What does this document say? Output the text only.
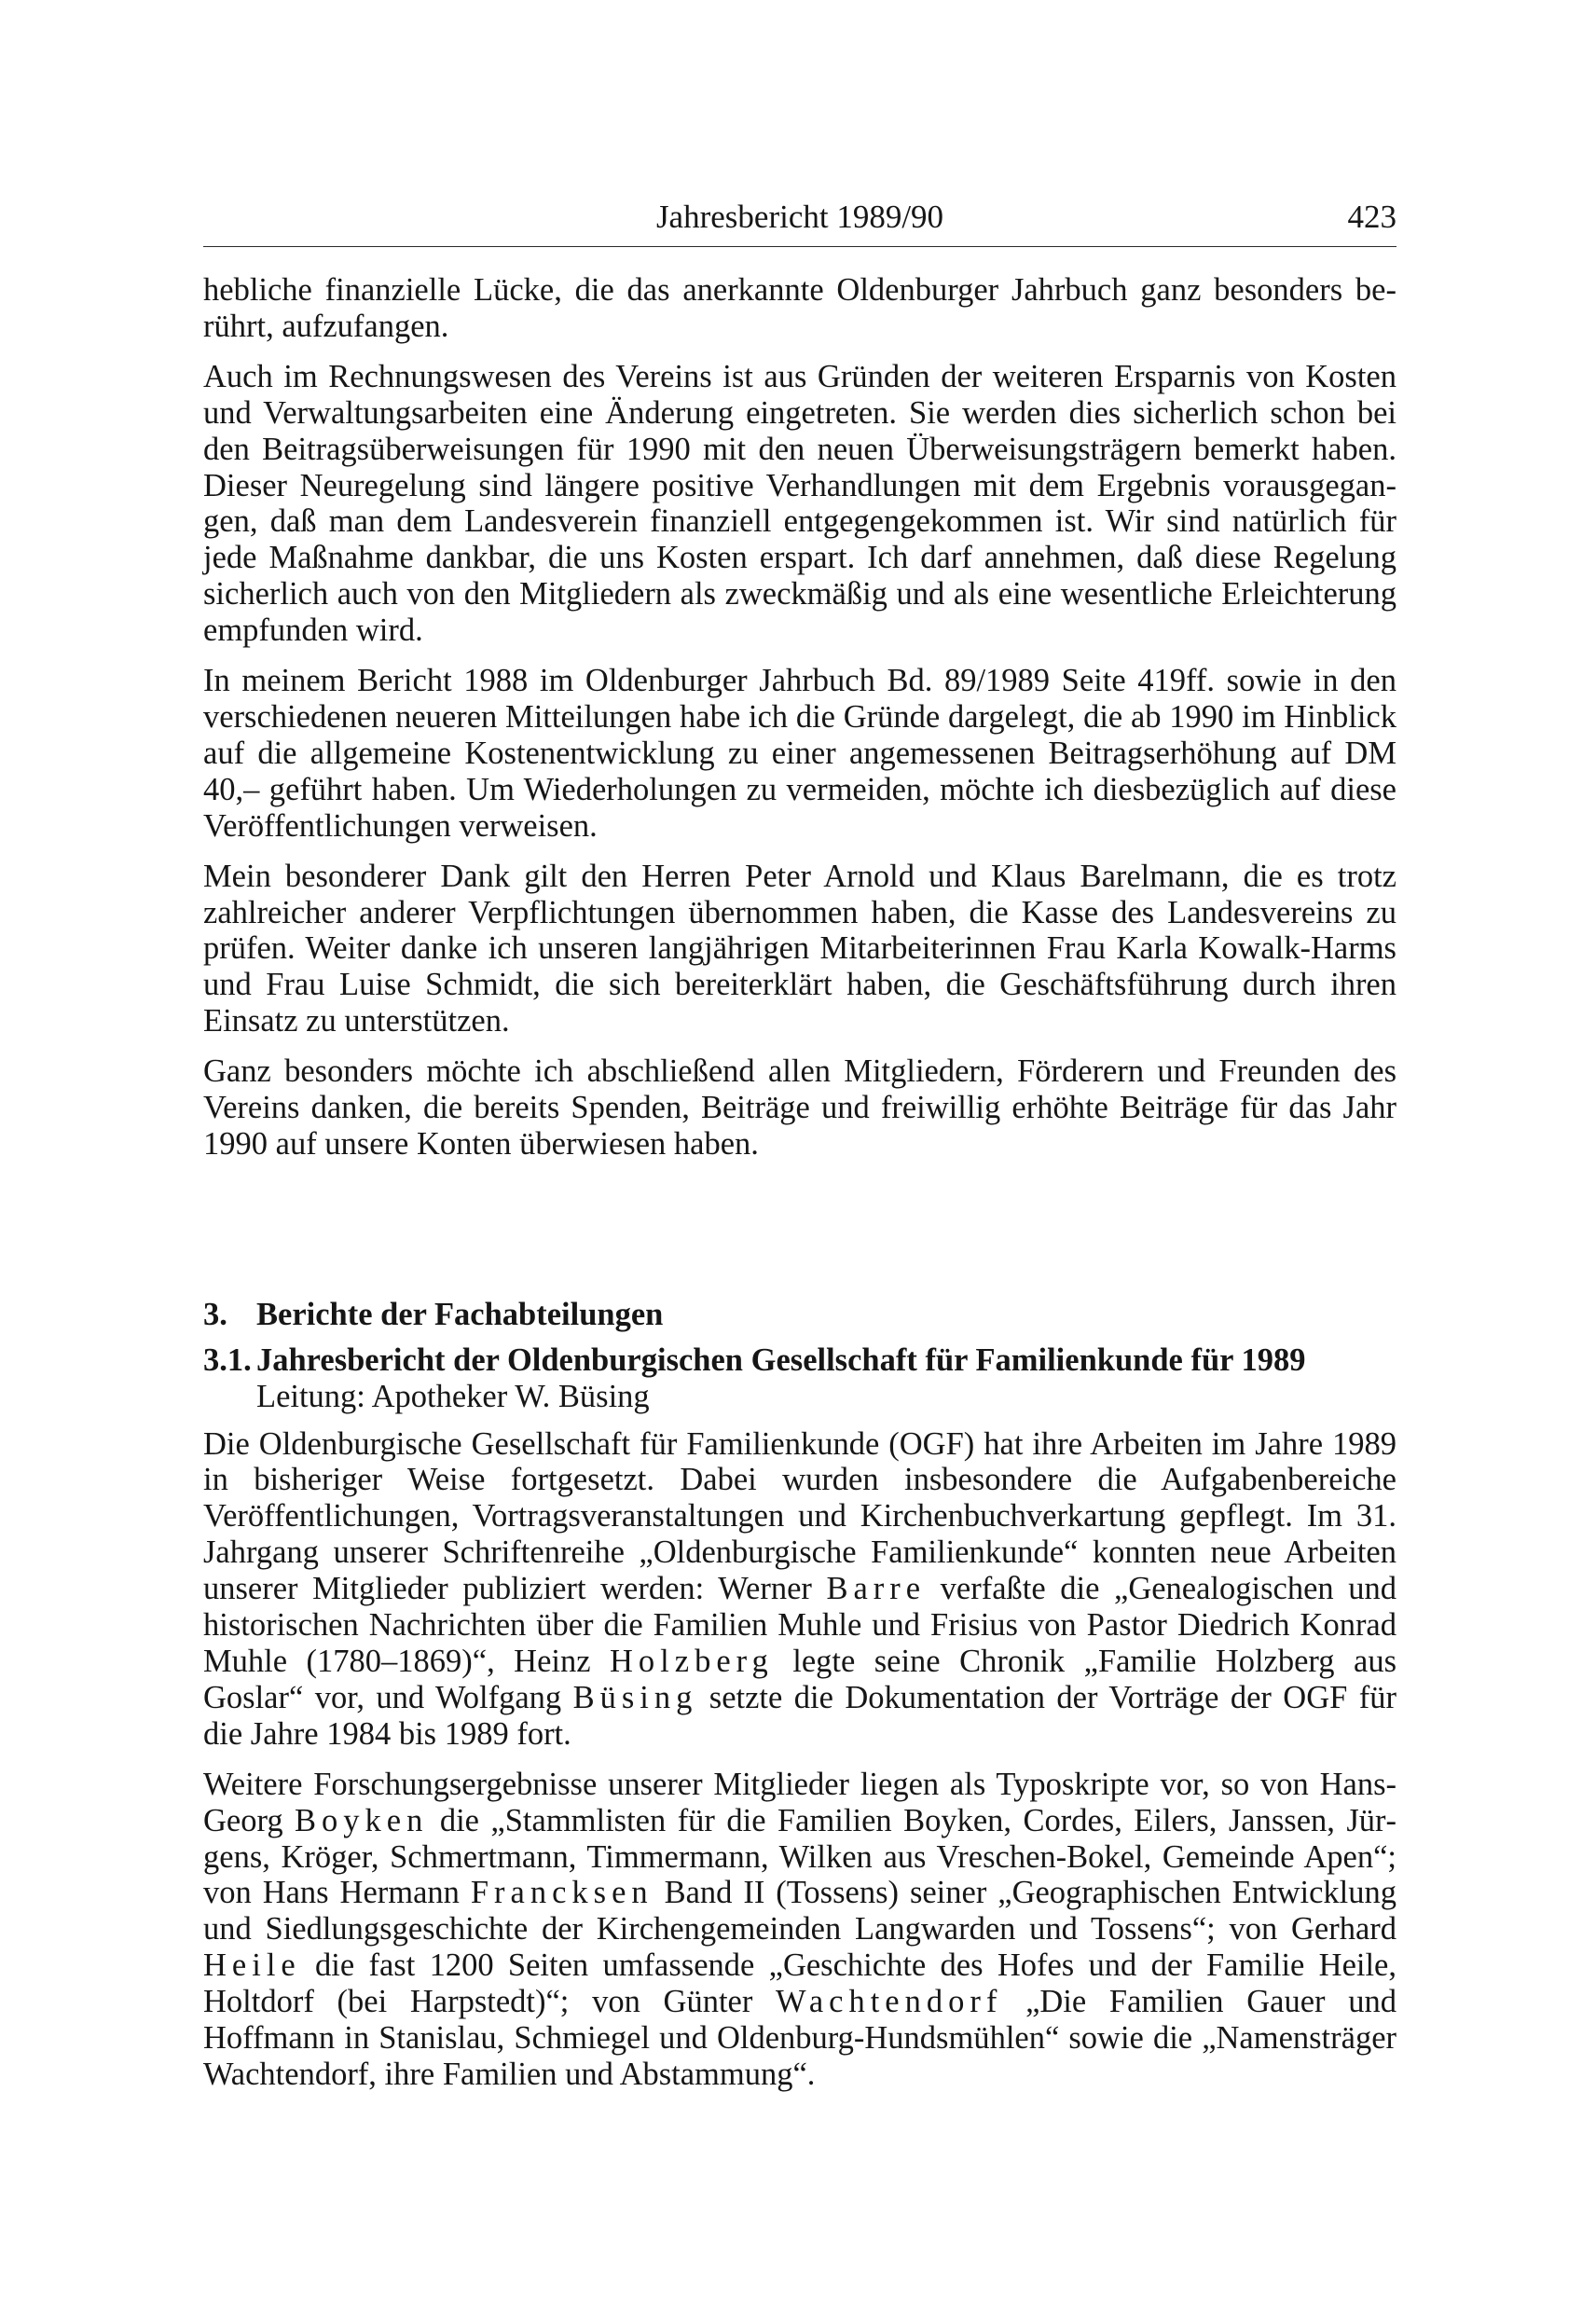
Jahresbericht 1989/90	423

hebliche finanzielle Lücke, die das anerkannte Oldenburger Jahrbuch ganz besonders berührt, aufzufangen.

Auch im Rechnungswesen des Vereins ist aus Gründen der weiteren Ersparnis von Kosten und Verwaltungsarbeiten eine Änderung eingetreten. Sie werden dies sicherlich schon bei den Beitragsüberweisungen für 1990 mit den neuen Überweisungsträgern bemerkt haben. Dieser Neuregelung sind längere positive Verhandlungen mit dem Ergebnis vorausgegangen, daß man dem Landesverein finanziell entgegengekommen ist. Wir sind natürlich für jede Maßnahme dankbar, die uns Kosten erspart. Ich darf annehmen, daß diese Regelung sicherlich auch von den Mitgliedern als zweckmäßig und als eine wesentliche Erleichterung empfunden wird.

In meinem Bericht 1988 im Oldenburger Jahrbuch Bd. 89/1989 Seite 419ff. sowie in den verschiedenen neueren Mitteilungen habe ich die Gründe dargelegt, die ab 1990 im Hinblick auf die allgemeine Kostenentwicklung zu einer angemessenen Beitragserhöhung auf DM 40,– geführt haben. Um Wiederholungen zu vermeiden, möchte ich diesbezüglich auf diese Veröffentlichungen verweisen.

Mein besonderer Dank gilt den Herren Peter Arnold und Klaus Barelmann, die es trotz zahlreicher anderer Verpflichtungen übernommen haben, die Kasse des Landesvereins zu prüfen. Weiter danke ich unseren langjährigen Mitarbeiterinnen Frau Karla Kowalk-Harms und Frau Luise Schmidt, die sich bereiterklärt haben, die Geschäftsführung durch ihren Einsatz zu unterstützen.

Ganz besonders möchte ich abschließend allen Mitgliedern, Förderern und Freunden des Vereins danken, die bereits Spenden, Beiträge und freiwillig erhöhte Beiträge für das Jahr 1990 auf unsere Konten überwiesen haben.

3. Berichte der Fachabteilungen

3.1. Jahresbericht der Oldenburgischen Gesellschaft für Familienkunde für 1989

Leitung: Apotheker W. Büsing

Die Oldenburgische Gesellschaft für Familienkunde (OGF) hat ihre Arbeiten im Jahre 1989 in bisheriger Weise fortgesetzt. Dabei wurden insbesondere die Aufgabenbereiche Veröffentlichungen, Vortragsveranstaltungen und Kirchenbuchverkartung gepflegt. Im 31. Jahrgang unserer Schriftenreihe „Oldenburgische Familienkunde“ konnten neue Arbeiten unserer Mitglieder publiziert werden: Werner Barre verfaßte die „Genealogischen und historischen Nachrichten über die Familien Muhle und Frisius von Pastor Diedrich Konrad Muhle (1780–1869)“, Heinz Holzberg legte seine Chronik „Familie Holzberg aus Goslar“ vor, und Wolfgang Büsing setzte die Dokumentation der Vorträge der OGF für die Jahre 1984 bis 1989 fort.

Weitere Forschungsergebnisse unserer Mitglieder liegen als Typoskripte vor, so von Hans-Georg Boyken die „Stammlisten für die Familien Boyken, Cordes, Eilers, Janssen, Jürgens, Kröger, Schmertmann, Timmermann, Wilken aus Vreschen-Bokel, Gemeinde Apen“; von Hans Hermann Francksen Band II (Tossens) seiner „Geographischen Entwicklung und Siedlungsgeschichte der Kirchengemeinden Langwarden und Tossens“; von Gerhard Heile die fast 1200 Seiten umfassende „Geschichte des Hofes und der Familie Heile, Holtdorf (bei Harpstedt)“; von Günter Wachtendorf „Die Familien Gauer und Hoffmann in Stanislau, Schmiegel und Oldenburg-Hundsmühlen“ sowie die „Namensträger Wachtendorf, ihre Familien und Abstammung“.
